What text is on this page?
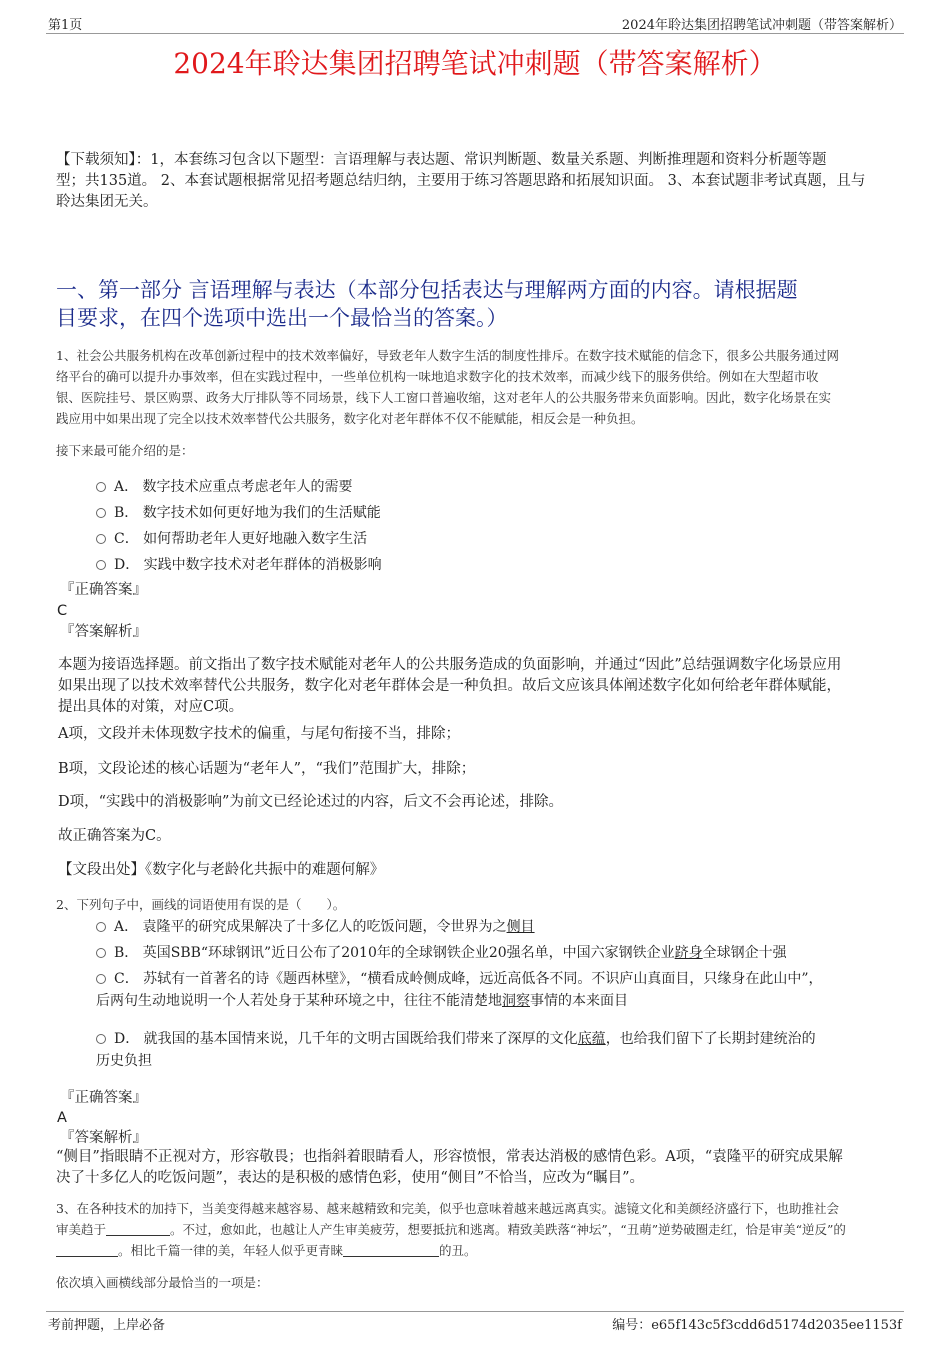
第1页	2024年聆达集团招聘笔试冲刺题（带答案解析）
2024年聆达集团招聘笔试冲刺题（带答案解析）
【下载须知】：1，本套练习包含以下题型：言语理解与表达题、常识判断题、数量关系题、判断推理题和资料分析题等题
型；共135道。 2、本套试题根据常见招考题总结归纳，主要用于练习答题思路和拓展知识面。 3、本套试题非考试真题，且与
聆达集团无关。
一、第一部分 言语理解与表达（本部分包括表达与理解两方面的内容。请根据题
目要求，在四个选项中选出一个最恰当的答案。）
1、社会公共服务机构在改革创新过程中的技术效率偏好，导致老年人数字生活的制度性排斥。在数字技术赋能的信念下，很多公共服务通过网
络平台的确可以提升办事效率，但在实践过程中，一些单位机构一味地追求数字化的技术效率，而减少线下的服务供给。例如在大型超市收
银、医院挂号、景区购票、政务大厅排队等不同场景，线下人工窗口普遍收缩，这对老年人的公共服务带来负面影响。因此，数字化场景在实
践应用中如果出现了完全以技术效率替代公共服务，数字化对老年群体不仅不能赋能，相反会是一种负担。
接下来最可能介绍的是：
A． 数字技术应重点考虑老年人的需要
B． 数字技术如何更好地为我们的生活赋能
C． 如何帮助老年人更好地融入数字生活
D． 实践中数字技术对老年群体的消极影响
『正确答案』
C
『答案解析』
本题为接语选择题。前文指出了数字技术赋能对老年人的公共服务造成的负面影响，并通过“因此”总结强调数字化场景应用
如果出现了以技术效率替代公共服务，数字化对老年群体会是一种负担。故后文应该具体阐述数字化如何给老年群体赋能，
提出具体的对策，对应C项。
A项，文段并未体现数字技术的偏重，与尾句衔接不当，排除；
B项，文段论述的核心话题为“老年人”，“我们”范围扩大，排除；
D项，“实践中的消极影响”为前文已经论述过的内容，后文不会再论述，排除。
故正确答案为C。
【文段出处】《数字化与老龄化共振中的难题何解》
2、下列句子中，画线的词语使用有误的是（　　）。
A． 袁隆平的研究成果解决了十多亿人的吃饭问题，令世界为之侧目
B． 英国SBB“环球钢讯”近日公布了2010年的全球钢铁企业20强名单，中国六家钢铁企业跻身全球钢企十强
C． 苏轼有一首著名的诗《题西林壁》，“横看成岭侧成峰，远近高低各不同。不识庐山真面目，只缘身在此山中”，
后两句生动地说明一个人若处身于某种环境之中，往往不能清楚地洞察事情的本来面目
D． 就我国的基本国情来说，几千年的文明古国既给我们带来了深厚的文化底蕴，也给我们留下了长期封建统治的
历史负担
『正确答案』
A
『答案解析』
“侧目”指眼睛不正视对方，形容敬畏；也指斜着眼睛看人，形容愤恨，常表达消极的感情色彩。A项，“袁隆平的研究成果解
决了十多亿人的吃饭问题”，表达的是积极的感情色彩，使用“侧目”不恰当，应改为“瞩目”。
3、在各种技术的加持下，当美变得越来越容易、越来越精致和完美，似乎也意味着越来越远离真实。滤镜文化和美颜经济盛行下，也助推社会
审美趋于	。不过，愈如此，也越让人产生审美疲劳，想要抵抗和逃离。精致美跌落“神坛”，“丑萌”逆势破圈走红，恰是审美“逆反”的
。相比千篇一律的美，年轻人似乎更青睐	的丑。
依次填入画横线部分最恰当的一项是：
考前押题，上岸必备	编号：e65f143c5f3cdd6d5174d2035ee1153f
